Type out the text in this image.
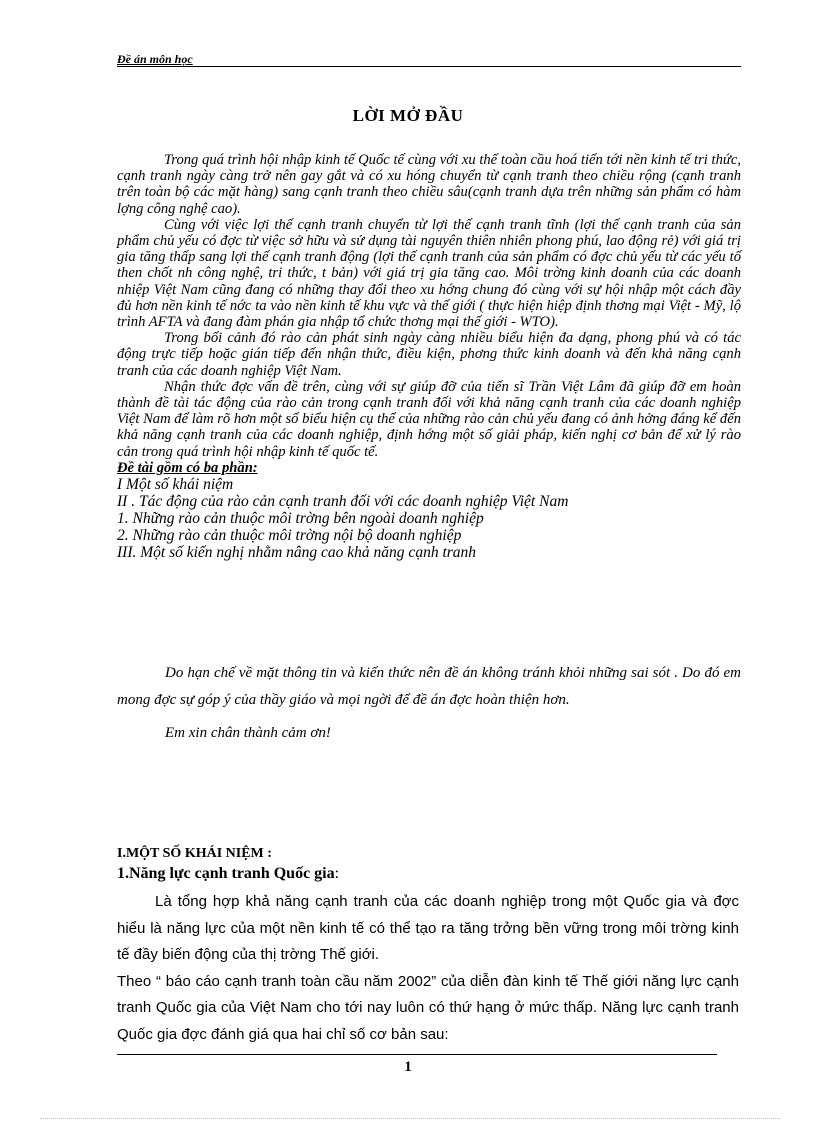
Đề án môn học
LỜI MỞ ĐẦU

Trong quá trình hội nhập kinh tế Quốc tế cùng với xu thế toàn cầu hoá tiến tới nền kinh tế tri thức, cạnh tranh ngày càng trở nên gay gắt và có xu hóng chuyển từ cạnh tranh theo chiều rộng (cạnh tranh trên toàn bộ các mặt hàng) sang cạnh tranh theo chiều sâu(cạnh tranh dựa trên những sản phẩm có hàm lợng công nghệ cao).

Cùng với việc lợi thế cạnh tranh chuyển từ lợi thế cạnh tranh tĩnh (lợi thế cạnh tranh của sản phẩm chủ yếu có đợc từ việc sở hữu và sử dụng tài nguyên thiên nhiên phong phú, lao động rẻ) với giá trị gia tăng thấp sang lợi thế cạnh tranh động (lợi thế cạnh tranh của sản phẩm có đợc chủ yếu từ các yếu tố then chốt nh công nghệ, tri thức, t bản) với giá trị gia tăng cao. Môi trờng kinh doanh của các doanh nhiệp Việt Nam cũng đang có những thay đổi theo xu hớng chung đó cùng với sự hội nhập một cách đầy đủ hơn nền kinh tế nớc ta vào nền kinh tế khu vực và thế giới ( thực hiện hiệp định thơng mại Việt - Mỹ, lộ trình AFTA và đang đàm phán gia nhập tổ chức thơng mại thế giới - WTO).

Trong bối cảnh đó rào cản phát sinh ngày càng nhiều biểu hiện đa dạng, phong phú và có tác động trực tiếp hoặc gián tiếp đến nhận thức, điều kiện, phơng thức kinh doanh và đến khả năng cạnh tranh của các doanh nghiệp Việt Nam.

Nhận thức đợc vấn đề trên, cùng với sự giúp đỡ của tiến sĩ Trần Việt Lâm đã giúp đỡ em hoàn thành đề tài tác động của rào cản trong cạnh tranh đối với khả năng cạnh tranh của các doanh nghiệp Việt Nam để làm rõ hơn một số biểu hiện cụ thể của những rào cản chủ yếu đang có ảnh hởng đáng kể đến khả năng cạnh tranh của các doanh nghiệp, định hớng một số giải pháp, kiến nghị cơ bản để xử lý rào cản trong quá trình hội nhập kinh tế quốc tế.

Đề tài gồm có ba phần:

I Một số khái niệm
II . Tác động của rào cản cạnh tranh đối với các doanh nghiệp Việt Nam
1. Những rào cản thuộc môi trờng bên ngoài doanh nghiệp
2. Những rào cản thuộc môi trờng nội bộ doanh nghiệp
III. Một số kiến nghị nhằm nâng cao khả năng cạnh tranh

Do hạn chế về mặt thông tin và kiến thức nên đề án không tránh khỏi những sai sót . Do đó em mong đợc sự góp ý của thầy giáo và mọi ngời để đề án đợc hoàn thiện hơn.

Em xin chân thành cảm ơn!

I.MỘT SỐ KHÁI NIỆM :
1.Năng lực cạnh tranh Quốc gia:

Là tổng hợp khả năng cạnh tranh của các doanh nghiệp trong một Quốc gia và đợc hiểu là năng lực của một nền kinh tế có thể tạo ra tăng trởng bền vững trong môi trờng kinh tế đầy biến động của thị trờng Thế giới.

Theo “ báo cáo cạnh tranh toàn cầu năm 2002” của diễn đàn kinh tế Thế giới năng lực cạnh tranh Quốc gia của Việt Nam cho tới nay luôn có thứ hạng ở mức thấp. Năng lực cạnh tranh Quốc gia đợc đánh giá qua hai chỉ số cơ bản sau:

1
